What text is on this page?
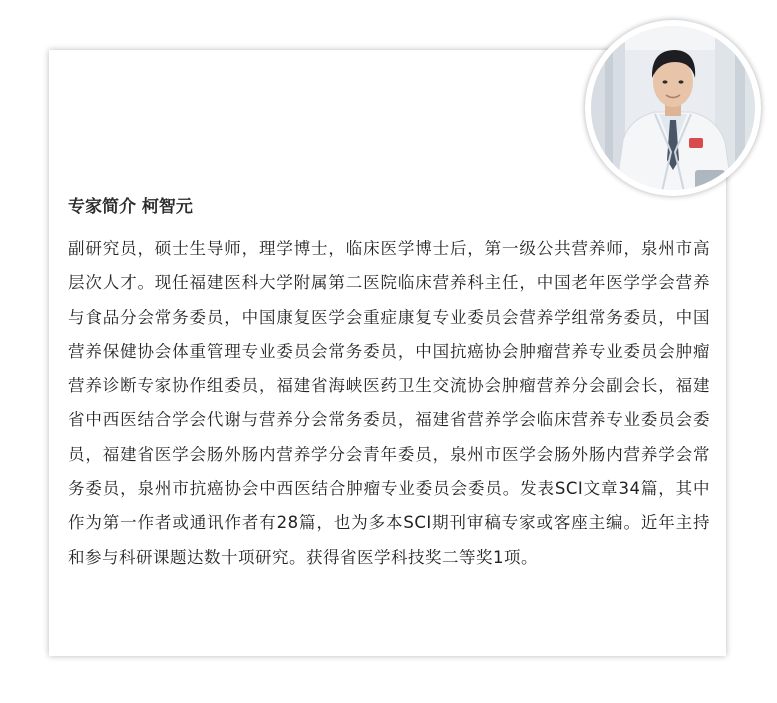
专家简介 柯智元
副研究员，硕士生导师，理学博士，临床医学博士后，第一级公共营养师，泉州市高层次人才。现任福建医科大学附属第二医院临床营养科主任，中国老年医学学会营养与食品分会常务委员，中国康复医学会重症康复专业委员会营养学组常务委员，中国营养保健协会体重管理专业委员会常务委员，中国抗癌协会肿瘤营养专业委员会肿瘤营养诊断专家协作组委员，福建省海峡医药卫生交流协会肿瘤营养分会副会长，福建省中西医结合学会代谢与营养分会常务委员，福建省营养学会临床营养专业委员会委员，福建省医学会肠外肠内营养学分会青年委员，泉州市医学会肠外肠内营养学会常务委员，泉州市抗癌协会中西医结合肿瘤专业委员会委员。发表SCI文章34篇，其中作为第一作者或通讯作者有28篇，也为多本SCI期刊审稿专家或客座主编。近年主持和参与科研课题达数十项研究。获得省医学科技奖二等奖1项。
